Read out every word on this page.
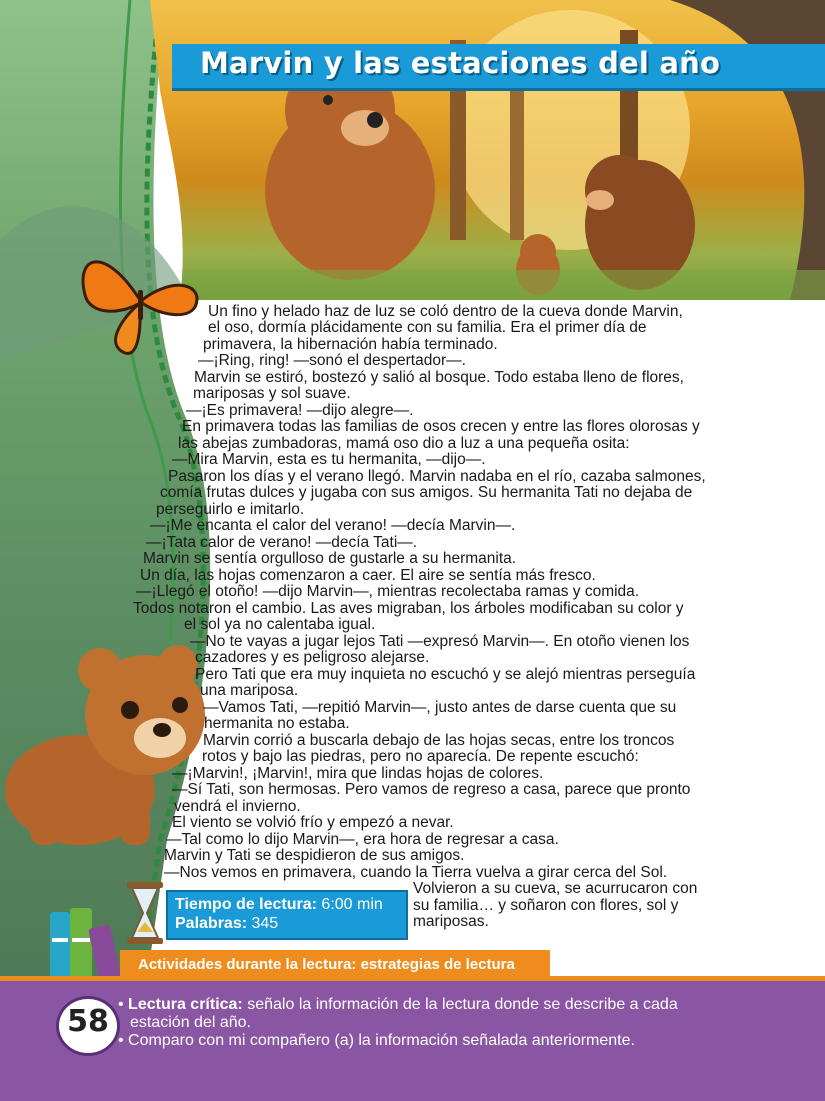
Marvin y las estaciones del año
Un fino y helado haz de luz se coló dentro de la cueva donde Marvin,
el oso, dormía plácidamente con su familia. Era el primer día de
primavera, la hibernación había terminado.
—¡Ring, ring! —sonó el despertador—.
Marvin se estiró, bostezó y salió al bosque. Todo estaba lleno de flores,
mariposas y sol suave.
—¡Es primavera! —dijo alegre—.
En primavera todas las familias de osos crecen y entre las flores olorosas y
las abejas zumbadoras, mamá oso dio a luz a una pequeña osita:
—Mira Marvin, esta es tu hermanita, —dijo—.
Pasaron los días y el verano llegó. Marvin nadaba en el río, cazaba salmones,
comía frutas dulces y jugaba con sus amigos. Su hermanita Tati no dejaba de
perseguirlo e imitarlo.
—¡Me encanta el calor del verano! —decía Marvin—.
—¡Tata calor de verano! —decía Tati—.
Marvin se sentía orgulloso de gustarle a su hermanita.
Un día, las hojas comenzaron a caer. El aire se sentía más fresco.
—¡Llegó el otoño! —dijo Marvin—, mientras recolectaba ramas y comida.
Todos notaron el cambio. Las aves migraban, los árboles modificaban su color y
el sol ya no calentaba igual.
—No te vayas a jugar lejos Tati —expresó Marvin—. En otoño vienen los
cazadores y es peligroso alejarse.
Pero Tati que era muy inquieta no escuchó y se alejó mientras perseguía
una mariposa.
—Vamos Tati, —repitió Marvin—, justo antes de darse cuenta que su
hermanita no estaba.
Marvin corrió a buscarla debajo de las hojas secas, entre los troncos
rotos y bajo las piedras, pero no aparecía. De repente escuchó:
—¡Marvin!, ¡Marvin!, mira que lindas hojas de colores.
—Sí Tati, son hermosas. Pero vamos de regreso a casa, parece que pronto
vendrá el invierno.
El viento se volvió frío y empezó a nevar.
—Tal como lo dijo Marvin—, era hora de regresar a casa.
Marvin y Tati se despidieron de sus amigos.
—Nos vemos en primavera, cuando la Tierra vuelva a girar cerca del Sol.
Volvieron a su cueva, se acurrucaron con
su familia… y soñaron con flores, sol y
mariposas.
Tiempo de lectura: 6:00 min
Palabras: 345
Actividades durante la lectura: estrategias de lectura
58 • Lectura crítica: señalo la información de la lectura donde se describe a cada
estación del año.
• Comparo con mi compañero (a) la información señalada anteriormente.
